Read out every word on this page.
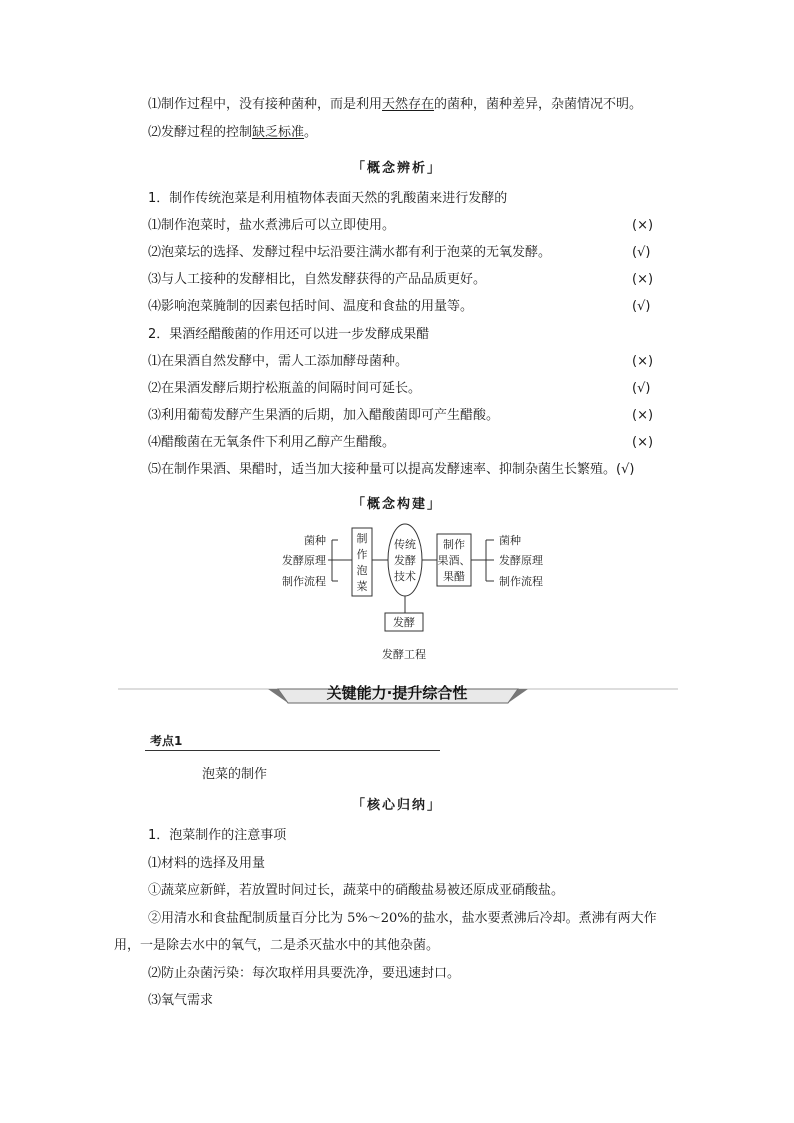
⑴制作过程中，没有接种菌种，而是利用天然存在的菌种，菌种差异，杂菌情况不明。
⑵发酵过程的控制缺乏标准。
「概念辨析」
1．制作传统泡菜是利用植物体表面天然的乳酸菌来进行发酵的
⑴制作泡菜时，盐水煮沸后可以立即使用。	(×)
⑵泡菜坛的选择、发酵过程中坛沿要注满水都有利于泡菜的无氧发酵。	(√)
⑶与人工接种的发酵相比，自然发酵获得的产品品质更好。	(×)
⑷影响泡菜腌制的因素包括时间、温度和食盐的用量等。	(√)
2．果酒经醋酸菌的作用还可以进一步发酵成果醋
⑴在果酒自然发酵中，需人工添加酵母菌种。	(×)
⑵在果酒发酵后期拧松瓶盖的间隔时间可延长。	(√)
⑶利用葡萄发酵产生果酒的后期，加入醋酸菌即可产生醋酸。	(×)
⑷醋酸菌在无氧条件下利用乙醇产生醋酸。	(×)
⑸在制作果酒、果醋时，适当加大接种量可以提高发酵速率、抑制杂菌生长繁殖。(√)
「概念构建」
菌种
发酵原理
制作流程
制
作
泡
菜
传统
发酵
技术
制作
果酒、
果醋
菌种
发酵原理
制作流程
发酵
发酵工程
关键能力·提升综合性
考点1
泡菜的制作
「核心归纳」
1．泡菜制作的注意事项
⑴材料的选择及用量
①蔬菜应新鲜，若放置时间过长，蔬菜中的硝酸盐易被还原成亚硝酸盐。
②用清水和食盐配制质量百分比为 5%～20%的盐水，盐水要煮沸后冷却。煮沸有两大作
用，一是除去水中的氧气，二是杀灭盐水中的其他杂菌。
⑵防止杂菌污染：每次取样用具要洗净，要迅速封口。
⑶氧气需求
